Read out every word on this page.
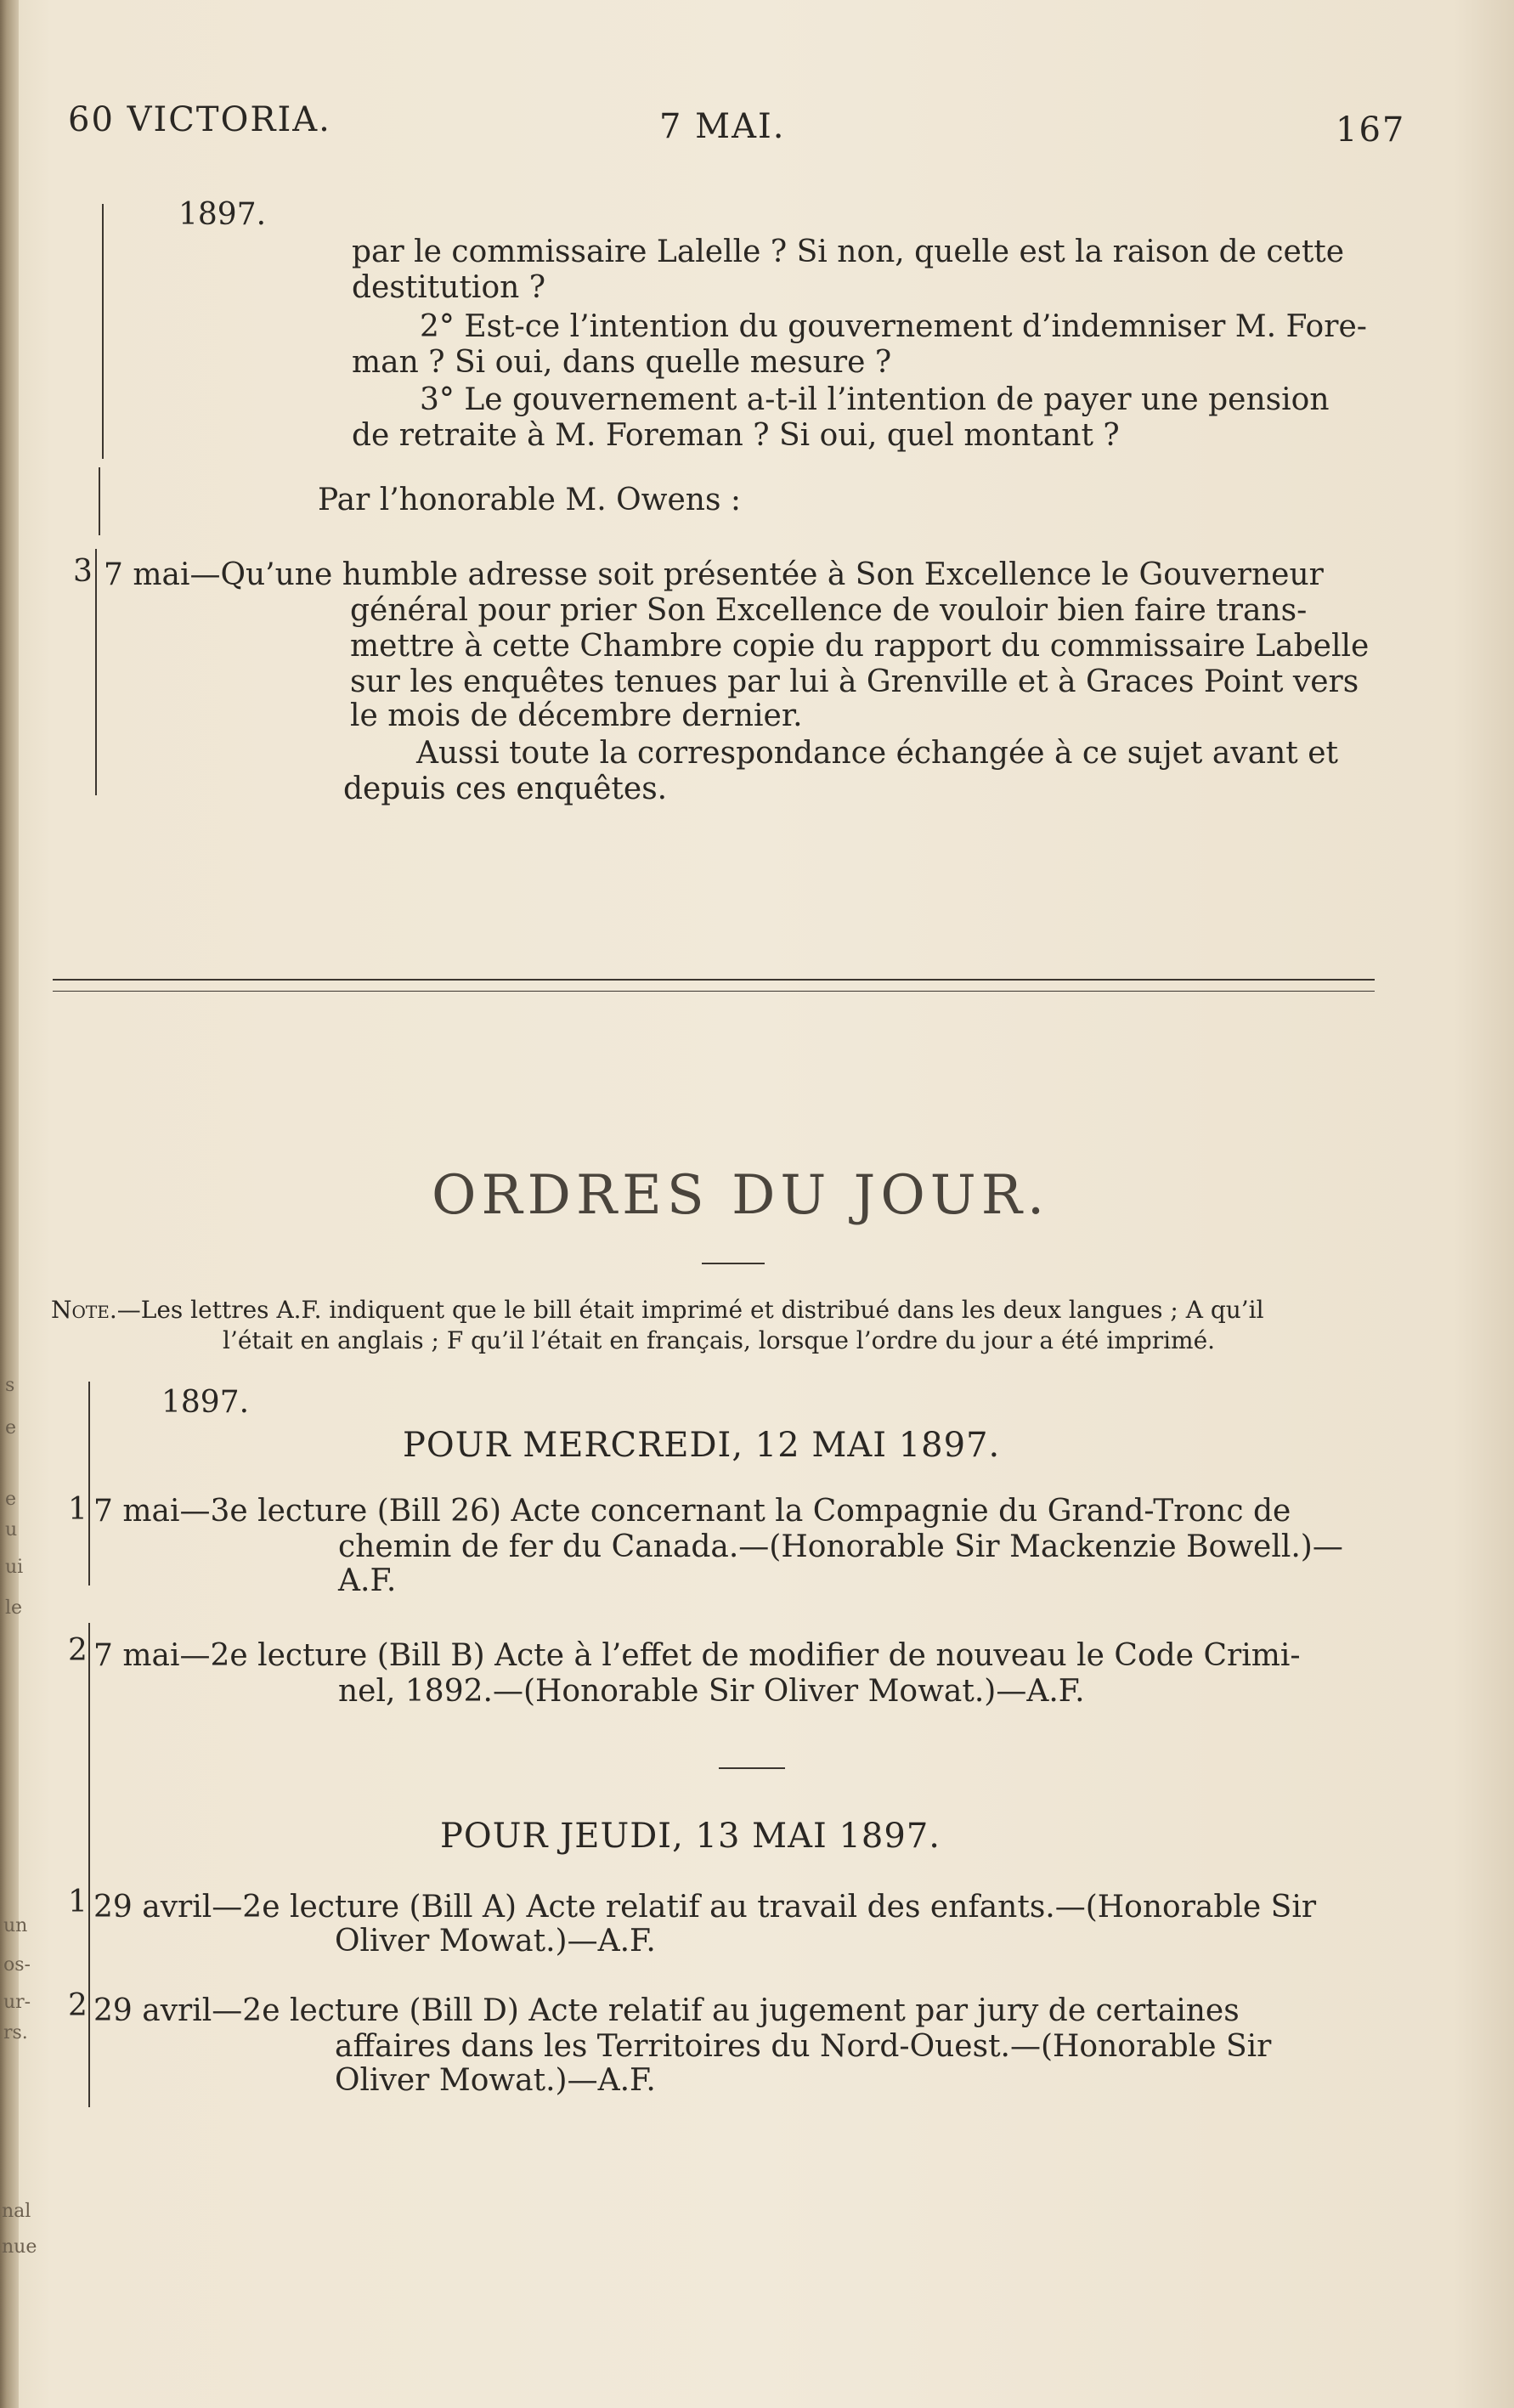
s
e
e
u
ui
le
un
os-
ur-
rs.
nal
nue
60 VICTORIA.	7 MAI.	167
1897.
par le commissaire Lalelle ? Si non, quelle est la raison de cette
destitution ?
2° Est-ce l’intention du gouvernement d’indemniser M. Fore-
man ? Si oui, dans quelle mesure ?
3° Le gouvernement a-t-il l’intention de payer une pension
de retraite à M. Foreman ? Si oui, quel montant ?
Par l’honorable M. Owens :
3 7 mai—Qu’une humble adresse soit présentée à Son Excellence le Gouverneur
général pour prier Son Excellence de vouloir bien faire trans-
mettre à cette Chambre copie du rapport du commissaire Labelle
sur les enquêtes tenues par lui à Grenville et à Graces Point vers
le mois de décembre dernier.
Aussi toute la correspondance échangée à ce sujet avant et
depuis ces enquêtes.
ORDRES DU JOUR.
Note.—Les lettres A.F. indiquent que le bill était imprimé et distribué dans les deux langues ; A qu’il
l’était en anglais ; F qu’il l’était en français, lorsque l’ordre du jour a été imprimé.
1897.
POUR MERCREDI, 12 MAI 1897.
1 7 mai—3e lecture (Bill 26) Acte concernant la Compagnie du Grand-Tronc de
chemin de fer du Canada.—(Honorable Sir Mackenzie Bowell.)—
A.F.
2 7 mai—2e lecture (Bill B) Acte à l’effet de modifier de nouveau le Code Crimi-
nel, 1892.—(Honorable Sir Oliver Mowat.)—A.F.
POUR JEUDI, 13 MAI 1897.
1 29 avril—2e lecture (Bill A) Acte relatif au travail des enfants.—(Honorable Sir
Oliver Mowat.)—A.F.
2 29 avril—2e lecture (Bill D) Acte relatif au jugement par jury de certaines
affaires dans les Territoires du Nord-Ouest.—(Honorable Sir
Oliver Mowat.)—A.F.
